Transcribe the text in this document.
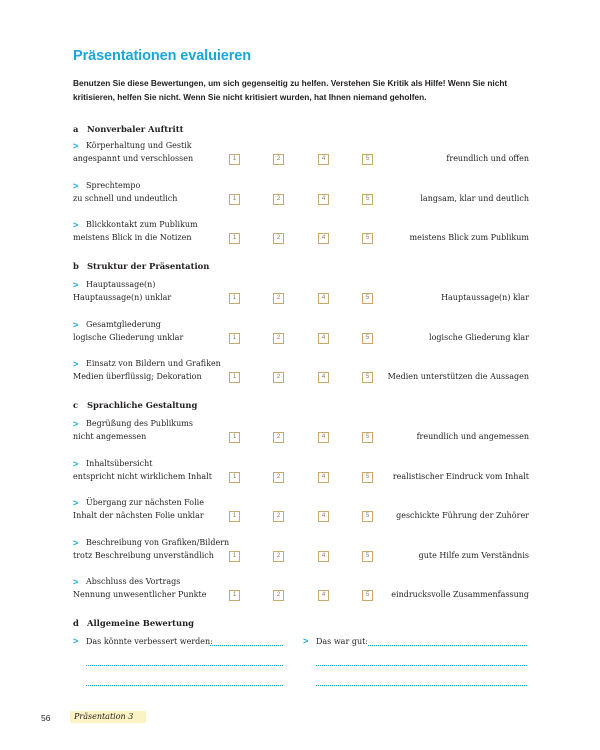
Präsentationen evaluieren

Benutzen Sie diese Bewertungen, um sich gegenseitig zu helfen. Verstehen Sie Kritik als Hilfe! Wenn Sie nicht kritisieren, helfen Sie nicht. Wenn Sie nicht kritisiert wurden, hat Ihnen niemand geholfen.

a Nonverbaler Auftritt
> Körperhaltung und Gestik
angespannt und verschlossen	1	2	4	5	freundlich und offen
> Sprechtempo
zu schnell und undeutlich	1	2	4	5	langsam, klar und deutlich
> Blickkontakt zum Publikum
meistens Blick in die Notizen	1	2	4	5	meistens Blick zum Publikum
b Struktur der Präsentation
> Hauptaussage(n)
Hauptaussage(n) unklar	1	2	4	5	Hauptaussage(n) klar
> Gesamtgliederung
logische Gliederung unklar	1	2	4	5	logische Gliederung klar
> Einsatz von Bildern und Grafiken
Medien überflüssig; Dekoration	1	2	4	5	Medien unterstützen die Aussagen
c Sprachliche Gestaltung
> Begrüßung des Publikums
nicht angemessen	1	2	4	5	freundlich und angemessen
> Inhaltsübersicht
entspricht nicht wirklichem Inhalt	1	2	4	5	realistischer Eindruck vom Inhalt
> Übergang zur nächsten Folie
Inhalt der nächsten Folie unklar	1	2	4	5	geschickte Führung der Zuhörer
> Beschreibung von Grafiken/Bildern
trotz Beschreibung unverständlich	1	2	4	5	gute Hilfe zum Verständnis
> Abschluss des Vortrags
Nennung unwesentlicher Punkte	1	2	4	5	eindrucksvolle Zusammenfassung
d Allgemeine Bewertung
> Das könnte verbessert werden:	> Das war gut:
56	Präsentation 3
